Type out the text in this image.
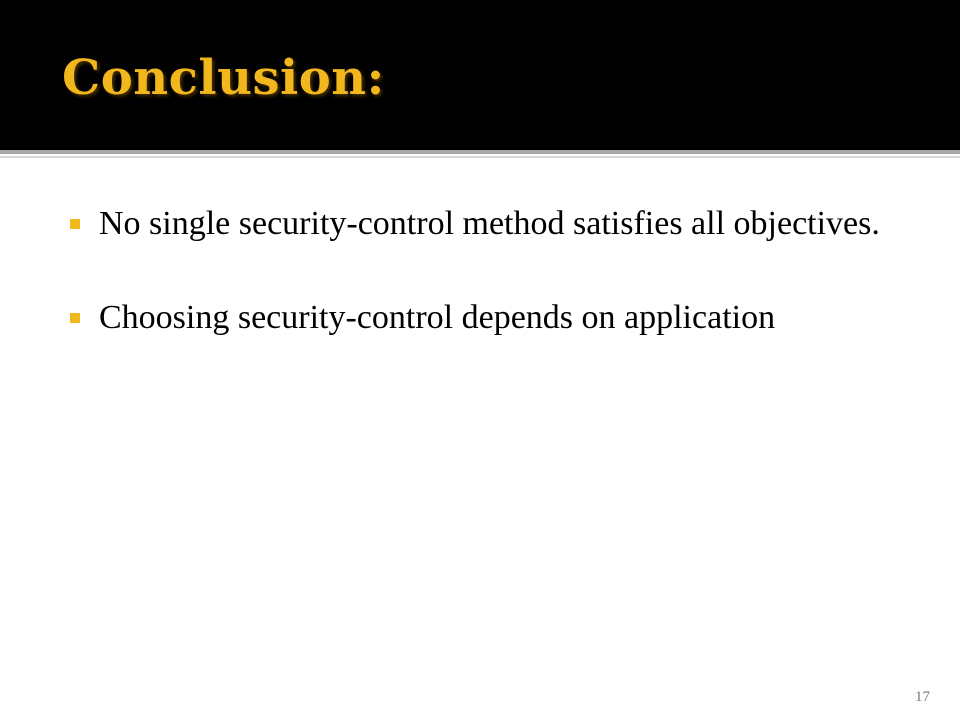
Conclusion:
No single security-control method satisfies all objectives.
Choosing security-control depends on application
17
